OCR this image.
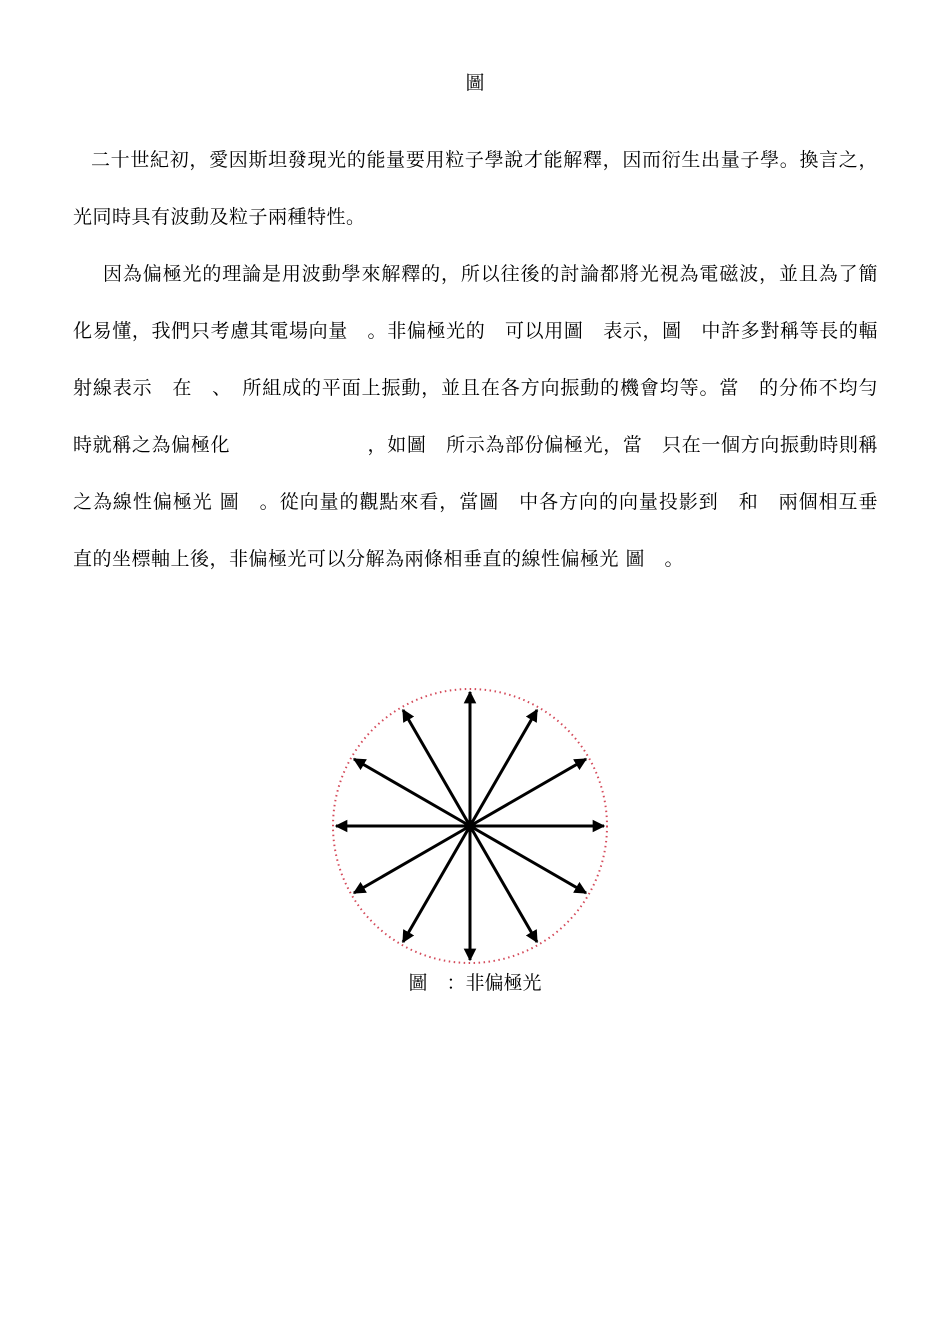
圖

二十世紀初，愛因斯坦發現光的能量要用粒子學說才能解釋，因而衍生出量子學。換言之，光同時具有波動及粒子兩種特性。

因為偏極光的理論是用波動學來解釋的，所以往後的討論都將光視為電磁波，並且為了簡化易懂，我們只考慮其電場向量　。非偏極光的　可以用圖　表示，圖　中許多對稱等長的輻射線表示　在　、　所組成的平面上振動，並且在各方向振動的機會均等。當　的分佈不均勻時就稱之為偏極化　　　　　　　，如圖　所示為部份偏極光，當　只在一個方向振動時則稱之為線性偏極光 圖　。從向量的觀點來看，當圖　中各方向的向量投影到　和　兩個相互垂直的坐標軸上後，非偏極光可以分解為兩條相垂直的線性偏極光 圖　。

圖　：非偏極光
